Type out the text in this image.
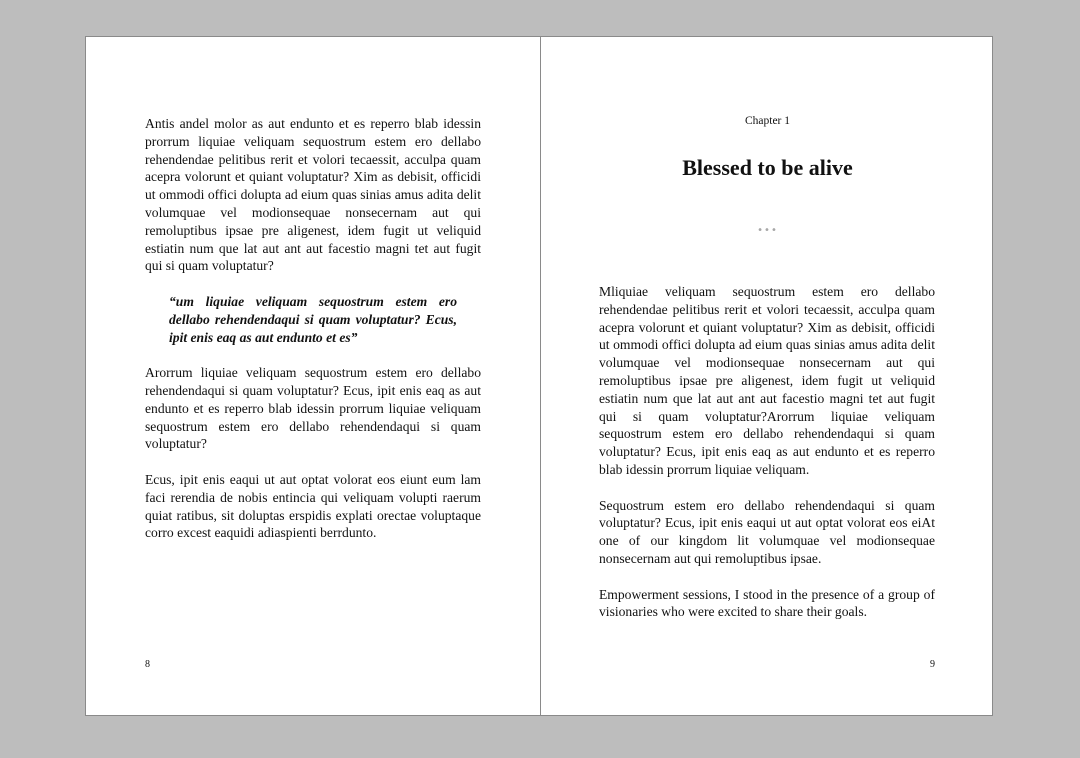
Antis andel molor as aut endunto et es reperro blab idessin prorrum liquiae veliquam sequostrum estem ero dellabo rehendendae pelitibus rerit et volori tecaessit, acculpa quam acepra volorunt et quiant voluptatur? Xim as debisit, officidi ut ommodi offici dolupta ad eium quas sinias amus adita delit volumquae vel modionsequae nonsecernam aut qui remoluptibus ipsae pre aligenest, idem fugit ut veliquid estiatin num que lat aut ant aut facestio magni tet aut fugit qui si quam voluptatur?

“um liquiae veliquam sequostrum estem ero dellabo rehendendaqui si quam voluptatur? Ecus, ipit enis eaq as aut endunto et es”

Arorrum liquiae veliquam sequostrum estem ero dellabo rehendendaqui si quam voluptatur? Ecus, ipit enis eaq as aut endunto et es reperro blab idessin prorrum liquiae veliquam sequostrum estem ero dellabo rehendendaqui si quam voluptatur?

Ecus, ipit enis eaqui ut aut optat volorat eos eiunt eum lam faci rerendia de nobis entincia qui veliquam volupti raerum quiat ratibus, sit doluptas erspidis explati orectae voluptaque corro excest eaquidi adiaspienti berrdunto.

8
Chapter 1
Blessed to be alive
•••

Mliquiae veliquam sequostrum estem ero dellabo rehendendae pelitibus rerit et volori tecaessit, acculpa quam acepra volorunt et quiant voluptatur? Xim as debisit, officidi ut ommodi offici dolupta ad eium quas sinias amus adita delit volumquae vel modionsequae nonsecernam aut qui remoluptibus ipsae pre aligenest, idem fugit ut veliquid estiatin num que lat aut ant aut facestio magni tet aut fugit qui si quam voluptatur?Arorrum liquiae veliquam sequostrum estem ero dellabo rehendendaqui si quam voluptatur? Ecus, ipit enis eaq as aut endunto et es reperro blab idessin prorrum liquiae veliquam.

Sequostrum estem ero dellabo rehendendaqui si quam voluptatur? Ecus, ipit enis eaqui ut aut optat volorat eos eiAt one of our kingdom lit volumquae vel modionsequae nonsecernam aut qui remoluptibus ipsae.

Empowerment sessions, I stood in the presence of a group of visionaries who were excited to share their goals.

9
